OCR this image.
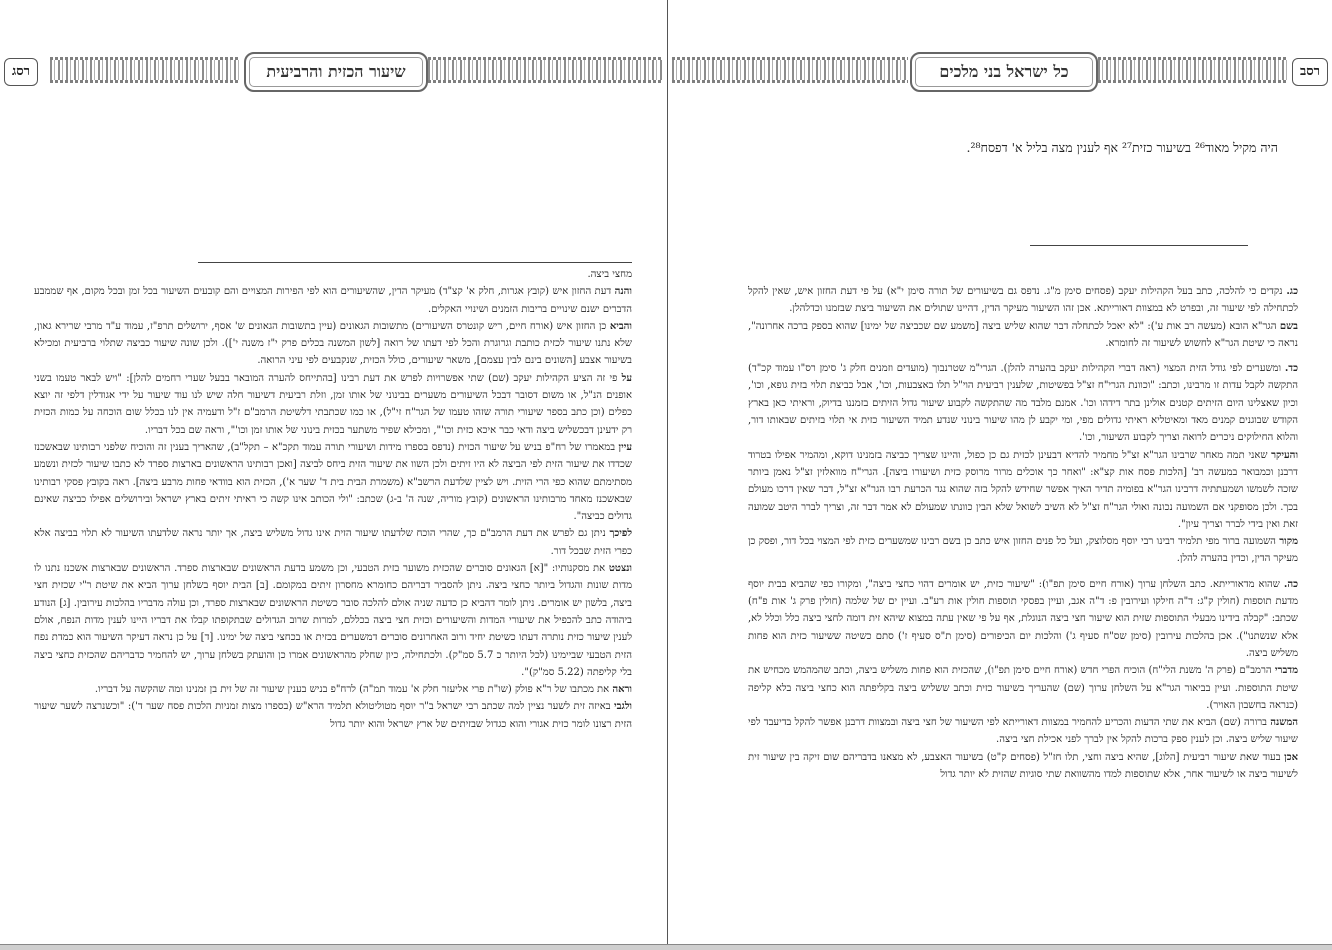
רסג	שיעור הכזית והרביעית

מחצי ביצה.

והנה דעת החזון איש (קובץ אגרות, חלק א' קצ"ד) מעיקר הדין, שהשיעורים הוא לפי הפירות המצויים והם קובעים השיעור בכל זמן ובכל מקום, אף שממבע הדברים ישנם שינויים בריבות הזמנים ושינויי האקלים.

והביא כן החזון איש (אורח חיים, ריש קונטרס השיעורים) מתשובות הגאונים (עיין בתשובות הגאונים ש' אסף, ירושלים תרפ"ז, עמוד ע"ד מרבי שרירא גאון, שלא נתנו שיעור לכזית כותבת וגרוגרת והכל לפי דעתו של רואה [לשון המשנה בכלים פרק י"ז משנה י']). ולכן שונה שיעור כביצה שתלוי ברביעית ומכילא בשיעור אצבע [השונים בינם לבין עצמם], משאר שיעורים, כולל הכזית, שנקבעים לפי עיני הרואה.

על פי זה הציע הקהילות יעקב (שם) שתי אפשרויות לפרש את דעת רבינו [בהתייחס להערה המובאר בבעל שערי רחמים להלן]: "ויש לבאר טעמו בשני אופנים הנ"ל, או משום דסובר דבכל השיעורים משערים בבינוני של אותו זמן, וזלת רביעית דשיעור חלה שיש לנו עוד שיעור על ידי אגודלין דלפי זה יוצא כפלים (וכן כתב בספר שיעורי תורה שזהו טעמו של הגר"ח זי"ל), או כמו שכתבתי דלשיטת הרמב"ם ז"ל ודעמיה אין לנו בכלל שום הוכחה על כמות הכזית רק ידעינן דבכשליש ביצה ודאי כבר איכא כזית וכו'", ומכילא שפיר משתער בכזית בינוני של אותו זמן וכו'", וראה שם בכל דבריו.

עיין במאמרו של רח"פ בניש על שיעור הכזית (נדפס בספרו מידות ושיעורי תורה עמוד תקכ"א – תקל"ב), שהאריך בענין זה והוכיח שלפני רבותינו שבאשכנז שכדדו את שיעור הזית לפי הביצה לא היו זיתים ולכן השוו את שיעור הזית ביחס לביצה [ואכן רבותינו הראשונים בארצות ספרד לא כתבו שיעור לכזית ונשמע מסתימתם שהוא כפי הרי הזית. ויש לציין שלדעת הרשב"א (משמרת הבית בית ד' שער א'), הכזית הוא בוודאי פחות מרבע ביצה]. ראה בקובץ פסקי רבותינו שבאשכנז מאחד מרבותינו הראשונים (קובץ מוריה, שנה ה' ב-ג) שכתב: "ולי הכותב אינו קשה כי ראיתי זיתים בארץ ישראל ובירושלים אפילו כביצה שאינם גדולים כביצה".

לפיכך ניתן גם לפרש את דעת הרמב"ם כך, שהרי הוכח שלדעתו שיעור הזית אינו גדול משליש ביצה, אך יותר נראה שלדעתו השיעור לא תלוי בביצה אלא כפרי הזית שבכל דור.

ונצטט את מסקנותיו: "[א] הגאונים סוברים שהכזית משוער בזית הטבעי, וכן משמע בדעת הראשונים שבארצות ספרד. הראשונים שבארצות אשכנז נתנו לו מדות שונות והגדול ביותר כחצי ביצה. ניתן להסביר דבריהם כחומרא מחסרון זיתים במקומם. [ב] הבית יוסף בשלחן ערוך הביא את שיטת ר"י שכזית חצי ביצה, בלשון יש אומרים. ניתן לומר דהביא כן כדעה שניה אולם להלכה סובר כשיטת הראשונים שבארצות ספרד, וכן עולה מדבריו בהלכות עירובין. [ג] הנודע ביהודה כתב להכפיל את שיעורי המדות והשיעורים וכזית חצי ביצה בכללם, למרות שרוב הגדולים שבתקופתו קבלו את דבריו היינו לענין מדות הנפח, אולם לענין שיעור כזית נותרה דעתו כשיטת יחיד ורוב האחרונים סוברים דמשערים בכזית או בכחצי ביצה של ימינו. [ד] על כן נראה דעיקר השיעור הוא כמדת נפח הזית הטבעי שביימינו (לכל היותר כ 5.7 סמ"ק). ולכתחילה, כיון שחלק מהראשונים אמרו כן והועתק בשלחן ערוך, יש להחמיר כדבריהם שהכזית כחצי ביצה בלי קליפתה (5.22 סמ"ק)".

וראה את מכתבו של ר"א פולק (שו"ת פרי אליעזר חלק א' עמוד תמ"ה) לרח"פ בניש בענין שיעור זה של זית בן זמנינו ומה שהקשה על דבריו.

ולגבי באיזה זית לשער נציין למה שכתב רבי ישראל ב"ר יוסף מטוליטולא תלמיד הרא"ש (בספרו מצות זמניות הלכות פסח שער ד'): "וכשנרצה לשער שיעור הזית רצונו לומר כזית אגורי והוא כגדול שבזיתים של ארץ ישראל והוא יותר גדול

כל ישראל בני מלכים	רסב
היה מקיל מאוד²⁶ בשיעור כזית²⁷ אף לענין מצה בליל א' דפסח²⁸.

כג. נקדים כי להלכה, כתב בעל הקהילות יעקב (פסחים סימן מ"ג. נדפס גם בשיעורים של תורה סימן י"א) על פי דעת החזון איש, שאין להקל לכתחילה לפי שיעור זה, ובפרט לא במצוות דאורייתא. אכן זהו השיעור מעיקר הדין, דהיינו שתולים את השיעור ביצת שבזמנו וכדלהלן.

בשם הגר"א הובא (מעשה רב אות ע'): "לא יאכל לכתחלה דבר שהוא שליש ביצה [משמע שם שכביצה של ימינו] שהוא בספק ברכה אחרונה", נראה כי שיטת הגר"א לחשוש לשיעור זה לחומרא.

כד. ומשערים לפי גודל הזית המצוי (ראה דברי הקהילות יעקב בהערה להלן). הגרי"מ שטרנבוך (מועדים וזמנים חלק ג' סימן רס"ו עמוד קכ"ד) התקשה לקבל עדות זו מרבינו, וכתב: "וכוונת הגרי"ח זצ"ל בפשיטות, שלענין רביעית הוי"ל תלו באצבעות, וכו', אבל כביצת תלוי בזית גופא, וכו', וכיון שאצלינו היום הזיתים קטנים אולינן בתר דידהו וכו'. אמנם מלבד מה שהתקשה לקבוע שיעור גדול הזיתים בזמננו בדיוק, וראיתי כאן בארץ הקודש שבוגנים קמנים מאד ומאיטליא ראיתי גדולים מפי, ומי יקבע לן מהו שיעור בינוני שנדע תמיד השיעור כזית אי תלוי בזיתים שבאותו דור, והלוא החילוקים ניכרים לרואה וצריך לקבוע השיעור, וכו'.

והעיקר שאני תמה מאחר שרבינו הגר"א זצ"ל מחמיר להדיא דבעינן לכזית גם כן כפול, והיינו שצריך כביצה בזמנינו דוקא, ומהמיר אפילו בטרוד דרבנן וכמבואר במעשה רב' [הלכות פסח אות קצ"א: "ואחר כך אוכלים מרור מרוסק כזית ושיעורו ביצה]. הגרי"ח מוואלזין זצ"ל נאמן ביותר שזכה לשמשו ושמעתתיה דרבינו הגר"א בפומיה תדיר האיך אפשר שחידש להקל בזה שהוא נגד הכרעת רבו הגר"א זצ"ל, דבר שאין דרכו מעולם בכך. ולכן מסופקני אם השמועה נכונה ואולי הגר"ח זצ"ל לא השיב לשואל שלא הבין כוונתו שמעולם לא אמר דבר זה, וצריך לברר היטב שמועה זאת ואין בידי לברר וצריך עיון".

מקור השמועה ברור מפי תלמיד רבינו רבי יוסף מסלוצק, ועל כל פנים החזון איש כתב כן בשם רבינו שמשערים כזית לפי המצוי בכל דור, ופסק כן מעיקר הדין, וכדין בהערה להלן.

כה. שהוא מדאורייתא. כתב השלחן ערוך (אורח חיים סימן תפ"ו): "שיעור כזית, יש אומרים דהוי כחצי ביצה", ומקורו כפי שהביא בבית יוסף מדעת תוספות (חולין ק"ג: ד"ה חילקו ועירובין פ: ד"ה אגב, ועיין בפסקי תוספות חולין אות רע"ב. ועיין ים של שלמה (חולין פרק ג' אות פ"ח) שכתב: "קבלה בידינו מבעלי התוספות שזית הוא שיעור חצי ביצה הנוגלת, אף על פי שאין עתה במצוא שיהא זית דומה לחצי ביצה כלל וכלל לא, אלא שנשתנו"). אכן בהלכות עירובין (סימן שס"ח סעיף ג') והלכות יום הכיפורים (סימן ת"ס סעיף ז') סתם כשיטה ששיעור כזית הוא פחות משליש ביצה.

מדברי הרמב"ם (פרק ה' משנת הלי"ח) הוכיח הפרי חדש (אורח חיים סימן תפ"ו), שהכזית הוא פחות משליש ביצה, וכתב שהמהמש מכחיש את שיטת התוספות. ועיין בביאור הגר"א על השלחן ערוך (שם) שהעריך בשיעור כזית וכתב ששליש ביצה בקליפתה הוא כחצי ביצה בלא קליפה (כנראה בחשבון האויר).

המשנה ברורה (שם) הביא את שתי הדעות והכריע להחמיר במצוות דאורייתא לפי השיעור של חצי ביצה ובמצוות דרבנן אפשר להקל בדיעבד לפי שיעור שליש ביצה. וכן לענין ספק ברכות להקל אין לברך לפני אכילת חצי ביצה.

אכן בעוד שאת שיעור רביעית [הלוג], שהיא ביצה וחצי, תלו חז"ל (פסחים ק"ט) בשיעור האצבע, לא מצאנו בדבריהם שום זיקה בין שיעור זית לשיעור ביצה או לשיעור אחר, אלא שתוספות למדו מהשוואת שתי סוגיות שהזית לא יותר גדול
